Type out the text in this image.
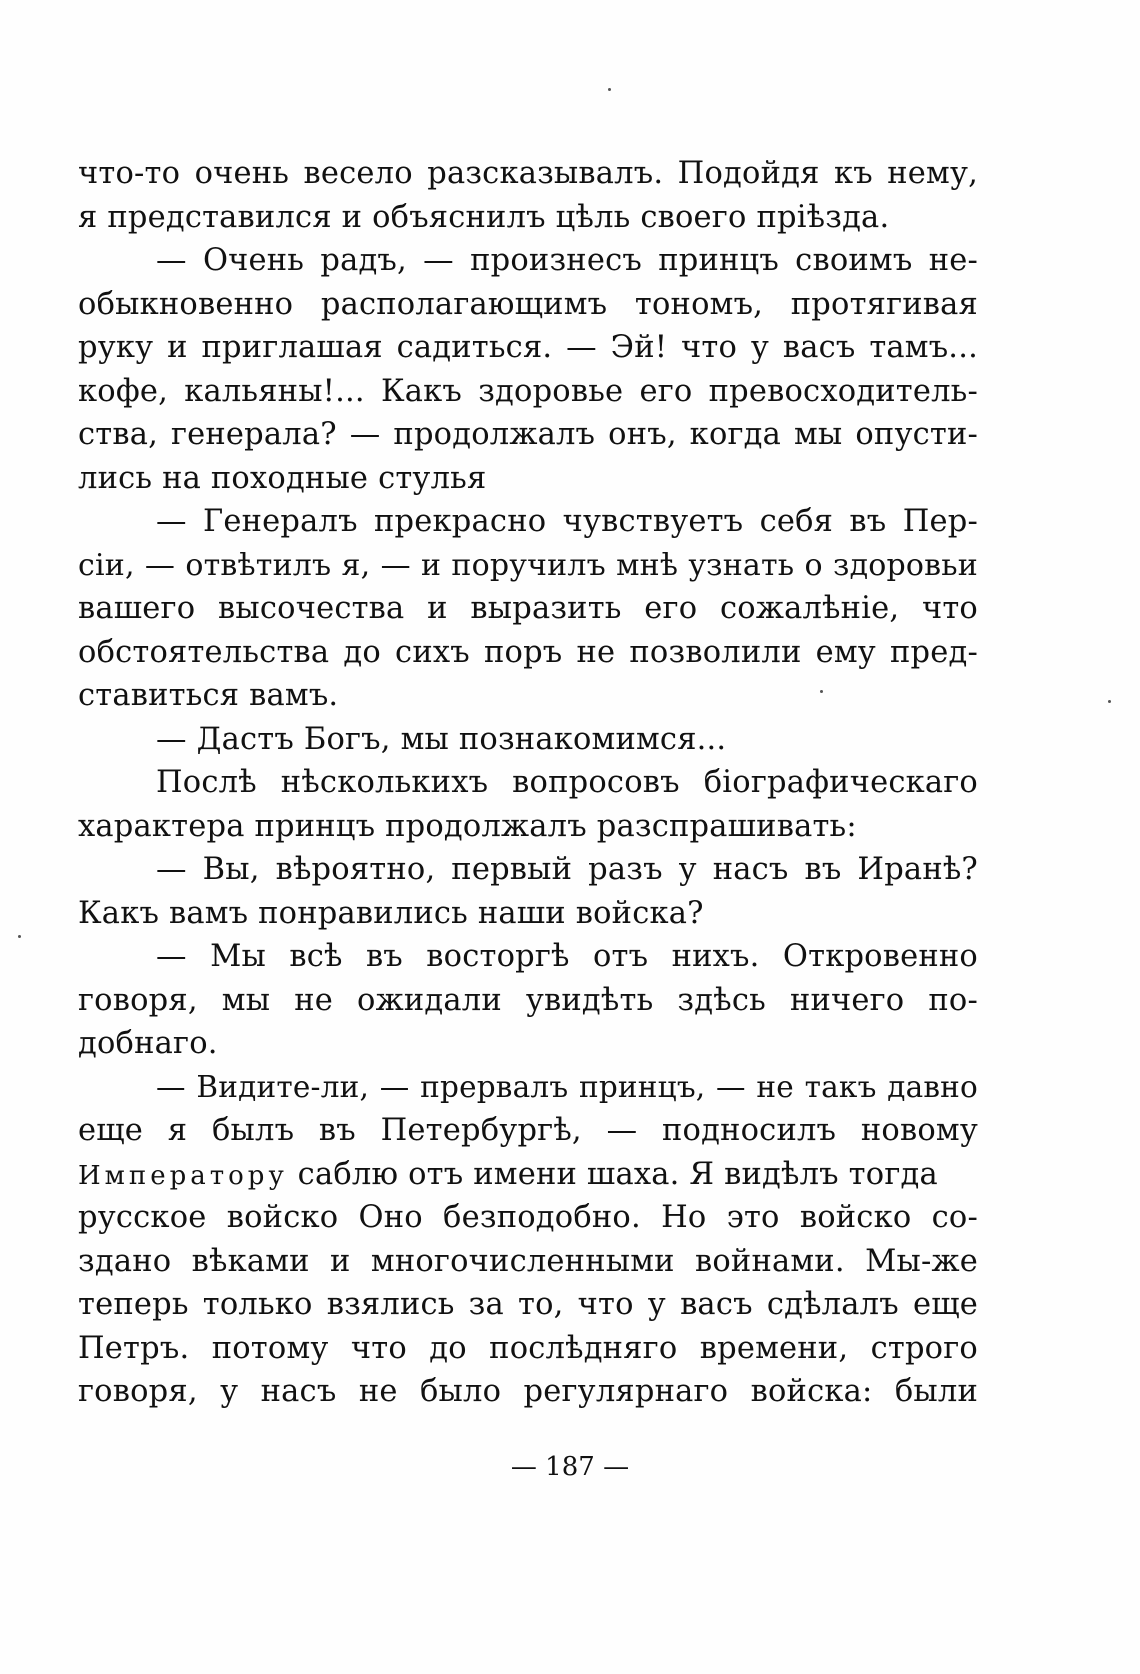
что-то очень весело разсказывалъ. Подойдя къ нему,
я представился и объяснилъ цѣль своего пріѣзда.
— Очень радъ, — произнесъ принцъ своимъ не-
обыкновенно располагающимъ тономъ, протягивая
руку и приглашая садиться. — Эй! что у васъ тамъ...
кофе, кальяны!... Какъ здоровье его превосходитель-
ства, генерала? — продолжалъ онъ, когда мы опусти-
лись на походные стулья
— Генералъ прекрасно чувствуетъ себя въ Пер-
сіи, — отвѣтилъ я, — и поручилъ мнѣ узнать о здоровьи
вашего высочества и выразить его сожалѣніе, что
обстоятельства до сихъ поръ не позволили ему пред-
ставиться вамъ.
— Дастъ Богъ, мы познакомимся...
Послѣ нѣсколькихъ вопросовъ біографическаго
характера принцъ продолжалъ разспрашивать:
— Вы, вѣроятно, первый разъ у насъ въ Иранѣ?
Какъ вамъ понравились наши войска?
— Мы всѣ въ восторгѣ отъ нихъ. Откровенно
говоря, мы не ожидали увидѣть здѣсь ничего по-
добнаго.
— Видите-ли, — прервалъ принцъ, — не такъ давно
еще я былъ въ Петербургѣ, — подносилъ новому
Императору саблю отъ имени шаха. Я видѣлъ тогда
русское войско Оно безподобно. Но это войско со-
здано вѣками и многочисленными войнами. Мы-же
теперь только взялись за то, что у васъ сдѣлалъ еще
Петръ. потому что до послѣдняго времени, строго
говоря, у насъ не было регулярнаго войска: были
— 187 —
